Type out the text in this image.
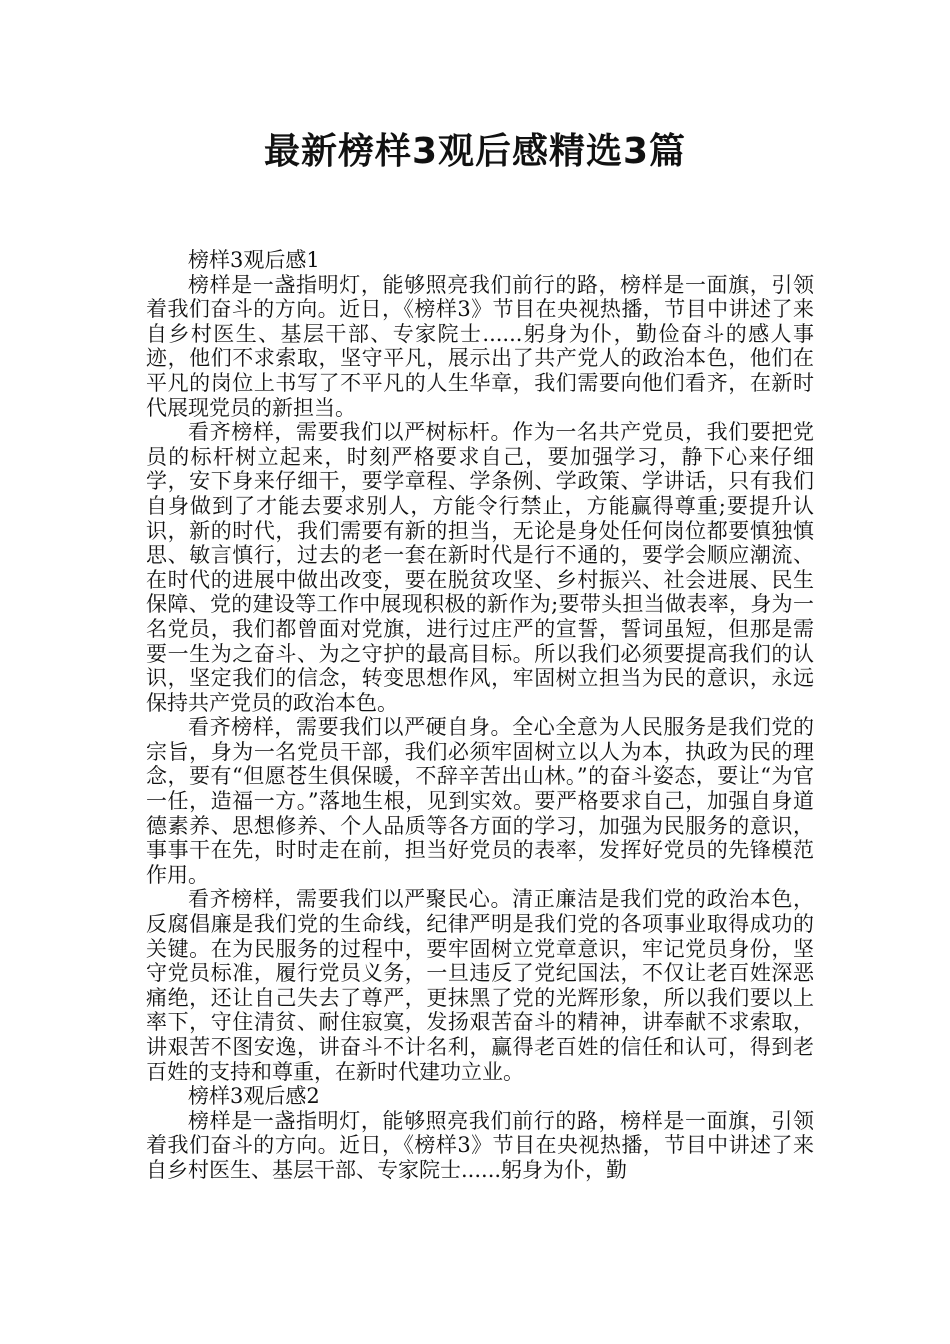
最新榜样3观后感精选3篇

榜样3观后感1

榜样是一盏指明灯，能够照亮我们前行的路，榜样是一面旗，引领着我们奋斗的方向。近日，《榜样3》节目在央视热播，节目中讲述了来自乡村医生、基层干部、专家院士......躬身为仆，勤俭奋斗的感人事迹，他们不求索取，坚守平凡，展示出了共产党人的政治本色，他们在平凡的岗位上书写了不平凡的人生华章，我们需要向他们看齐，在新时代展现党员的新担当。

看齐榜样，需要我们以严树标杆。作为一名共产党员，我们要把党员的标杆树立起来，时刻严格要求自己，要加强学习，静下心来仔细学，安下身来仔细干，要学章程、学条例、学政策、学讲话，只有我们自身做到了才能去要求别人，方能令行禁止，方能赢得尊重;要提升认识，新的时代，我们需要有新的担当，无论是身处任何岗位都要慎独慎思、敏言慎行，过去的老一套在新时代是行不通的，要学会顺应潮流、在时代的进展中做出改变，要在脱贫攻坚、乡村振兴、社会进展、民生保障、党的建设等工作中展现积极的新作为;要带头担当做表率，身为一名党员，我们都曾面对党旗，进行过庄严的宣誓，誓词虽短，但那是需要一生为之奋斗、为之守护的最高目标。所以我们必须要提高我们的认识，坚定我们的信念，转变思想作风，牢固树立担当为民的意识，永远保持共产党员的政治本色。

看齐榜样，需要我们以严硬自身。全心全意为人民服务是我们党的宗旨，身为一名党员干部，我们必须牢固树立以人为本，执政为民的理念，要有“但愿苍生俱保暖，不辞辛苦出山林。”的奋斗姿态，要让“为官一任，造福一方。”落地生根，见到实效。要严格要求自己，加强自身道德素养、思想修养、个人品质等各方面的学习，加强为民服务的意识，事事干在先，时时走在前，担当好党员的表率，发挥好党员的先锋模范作用。

看齐榜样，需要我们以严聚民心。清正廉洁是我们党的政治本色，反腐倡廉是我们党的生命线，纪律严明是我们党的各项事业取得成功的关键。在为民服务的过程中，要牢固树立党章意识，牢记党员身份，坚守党员标准，履行党员义务，一旦违反了党纪国法，不仅让老百姓深恶痛绝，还让自己失去了尊严，更抹黑了党的光辉形象，所以我们要以上率下，守住清贫、耐住寂寞，发扬艰苦奋斗的精神，讲奉献不求索取，讲艰苦不图安逸，讲奋斗不计名利，赢得老百姓的信任和认可，得到老百姓的支持和尊重，在新时代建功立业。

榜样3观后感2

榜样是一盏指明灯，能够照亮我们前行的路，榜样是一面旗，引领着我们奋斗的方向。近日，《榜样3》节目在央视热播，节目中讲述了来自乡村医生、基层干部、专家院士......躬身为仆，勤
